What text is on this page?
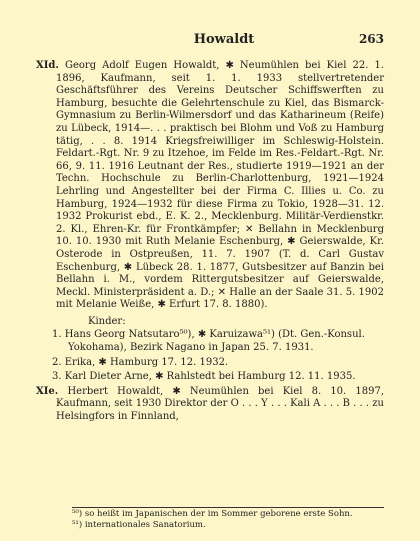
Howaldt	263

XId. Georg Adolf Eugen Howaldt, ✱ Neumühlen bei Kiel 22. 1. 1896, Kaufmann, seit 1. 1. 1933 stellvertretender Geschäftsführer des Vereins Deutscher Schiffswerften zu Hamburg, besuchte die Gelehrtenschule zu Kiel, das Bismarck-Gymnasium zu Berlin-Wilmersdorf und das Katharineum (Reife) zu Lübeck, 1914—. . . praktisch bei Blohm und Voß zu Hamburg tätig, . . 8. 1914 Kriegsfreiwilliger im Schleswig-Holstein. Feldart.-Rgt. Nr. 9 zu Itzehoe, im Felde im Res.-Feldart.-Rgt. Nr. 66, 9. 11. 1916 Leutnant der Res., studierte 1919—1921 an der Techn. Hochschule zu Berlin-Charlottenburg, 1921—1924 Lehrling und Angestellter bei der Firma C. Illies u. Co. zu Hamburg, 1924—1932 für diese Firma zu Tokio, 1928—31. 12. 1932 Prokurist ebd., E. K. 2., Mecklenburg. Militär-Verdienstkr. 2. Kl., Ehren-Kr. für Frontkämpfer; ✕ Bellahn in Mecklenburg 10. 10. 1930 mit Ruth Melanie Eschenburg, ✱ Geierswalde, Kr. Osterode in Ostpreußen, 11. 7. 1907 (T. d. Carl Gustav Eschenburg, ✱ Lübeck 28. 1. 1877, Gutsbesitzer auf Banzin bei Bellahn i. M., vordem Rittergutsbesitzer auf Geierswalde, Meckl. Ministerpräsident a. D.; ✕ Halle an der Saale 31. 5. 1902 mit Melanie Weiße, ✱ Erfurt 17. 8. 1880).

Kinder:

1. Hans Georg Natsutaro⁵⁰), ✱ Karuizawa⁵¹) (Dt. Gen.-Konsul. Yokohama), Bezirk Nagano in Japan 25. 7. 1931.

2. Erika, ✱ Hamburg 17. 12. 1932.

3. Karl Dieter Arne, ✱ Rahlstedt bei Hamburg 12. 11. 1935.

XIe. Herbert Howaldt, ✱ Neumühlen bei Kiel 8. 10. 1897, Kaufmann, seit 1930 Direktor der O . . . Y . . . Kali A . . . B . . . zu Helsingfors in Finnland,

⁵⁰) so heißt im Japanischen der im Sommer geborene erste Sohn.
⁵¹) internationales Sanatorium.
